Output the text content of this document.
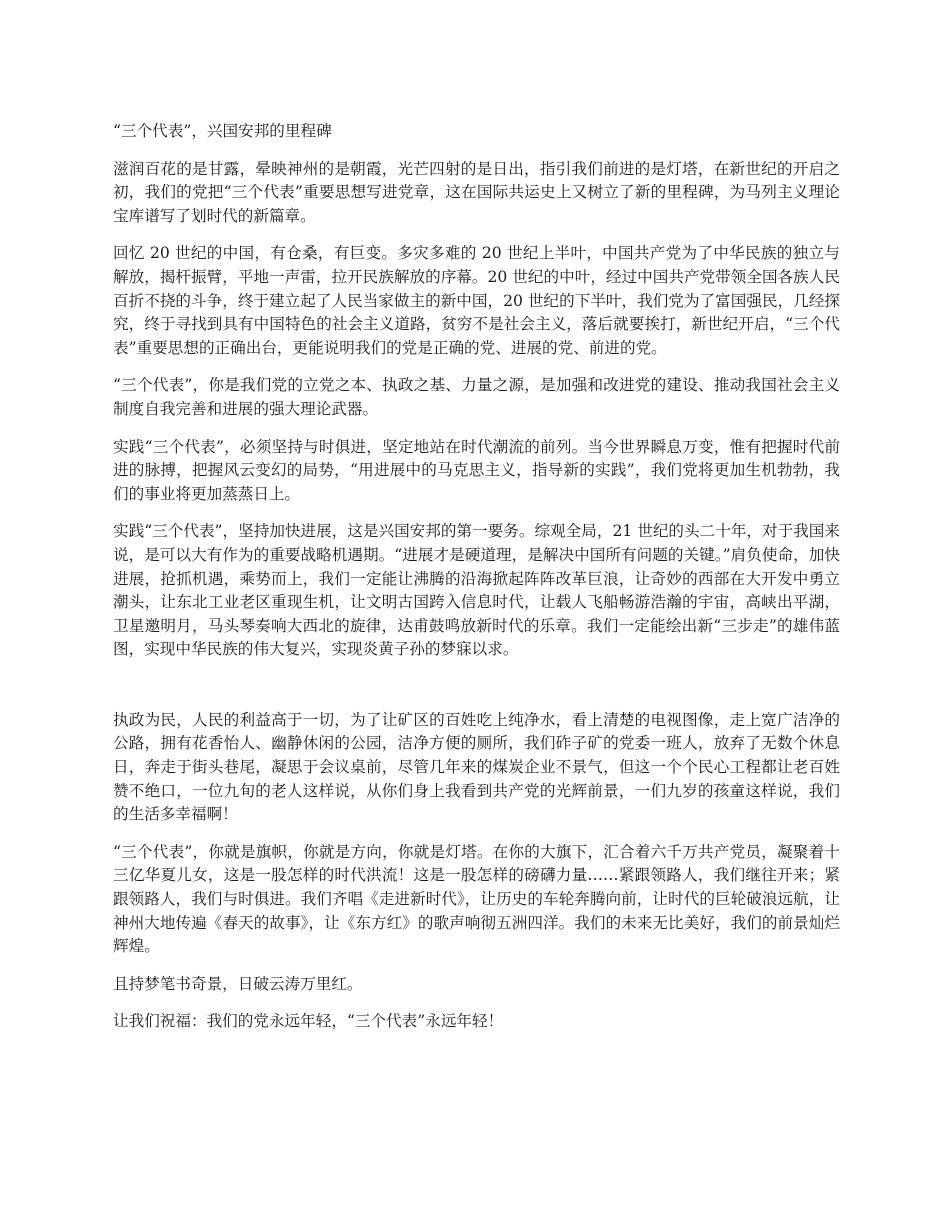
“三个代表”，兴国安邦的里程碑

滋润百花的是甘露，晕映神州的是朝霞，光芒四射的是日出，指引我们前进的是灯塔，在新世纪的开启之初，我们的党把“三个代表”重要思想写进党章，这在国际共运史上又树立了新的里程碑，为马列主义理论宝库谱写了划时代的新篇章。

回忆 20 世纪的中国，有仓桑，有巨变。多灾多难的 20 世纪上半叶，中国共产党为了中华民族的独立与解放，揭杆振臂，平地一声雷，拉开民族解放的序幕。20 世纪的中叶，经过中国共产党带领全国各族人民百折不挠的斗争，终于建立起了人民当家做主的新中国，20 世纪的下半叶，我们党为了富国强民，几经探究，终于寻找到具有中国特色的社会主义道路，贫穷不是社会主义，落后就要挨打，新世纪开启，“三个代表”重要思想的正确出台，更能说明我们的党是正确的党、进展的党、前进的党。

“三个代表”，你是我们党的立党之本、执政之基、力量之源，是加强和改进党的建设、推动我国社会主义制度自我完善和进展的强大理论武器。

实践“三个代表”，必须坚持与时俱进，坚定地站在时代潮流的前列。当今世界瞬息万变，惟有把握时代前进的脉搏，把握风云变幻的局势，“用进展中的马克思主义，指导新的实践”，我们党将更加生机勃勃，我们的事业将更加蒸蒸日上。

实践“三个代表”，坚持加快进展，这是兴国安邦的第一要务。综观全局，21 世纪的头二十年，对于我国来说，是可以大有作为的重要战略机遇期。“进展才是硬道理，是解决中国所有问题的关键。”肩负使命，加快进展，抢抓机遇，乘势而上，我们一定能让沸腾的沿海掀起阵阵改革巨浪，让奇妙的西部在大开发中勇立潮头，让东北工业老区重现生机，让文明古国跨入信息时代，让载人飞船畅游浩瀚的宇宙，高峡出平湖，卫星邀明月，马头琴奏响大西北的旋律，达甫鼓鸣放新时代的乐章。我们一定能绘出新“三步走”的雄伟蓝图，实现中华民族的伟大复兴，实现炎黄子孙的梦寐以求。

执政为民，人民的利益高于一切，为了让矿区的百姓吃上纯净水，看上清楚的电视图像，走上宽广洁净的公路，拥有花香怡人、幽静休闲的公园，洁净方便的厕所，我们砟子矿的党委一班人，放弃了无数个休息日，奔走于街头巷尾，凝思于会议桌前，尽管几年来的煤炭企业不景气，但这一个个民心工程都让老百姓赞不绝口，一位九旬的老人这样说，从你们身上我看到共产党的光辉前景，一们九岁的孩童这样说，我们的生活多幸福啊！

“三个代表”，你就是旗帜，你就是方向，你就是灯塔。在你的大旗下，汇合着六千万共产党员，凝聚着十三亿华夏儿女，这是一股怎样的时代洪流！这是一股怎样的磅礴力量……紧跟领路人，我们继往开来；紧跟领路人，我们与时俱进。我们齐唱《走进新时代》，让历史的车轮奔腾向前，让时代的巨轮破浪远航，让神州大地传遍《春天的故事》，让《东方红》的歌声响彻五洲四洋。我们的未来无比美好，我们的前景灿烂辉煌。

且持梦笔书奇景，日破云涛万里红。

让我们祝福：我们的党永远年轻，“三个代表”永远年轻！
